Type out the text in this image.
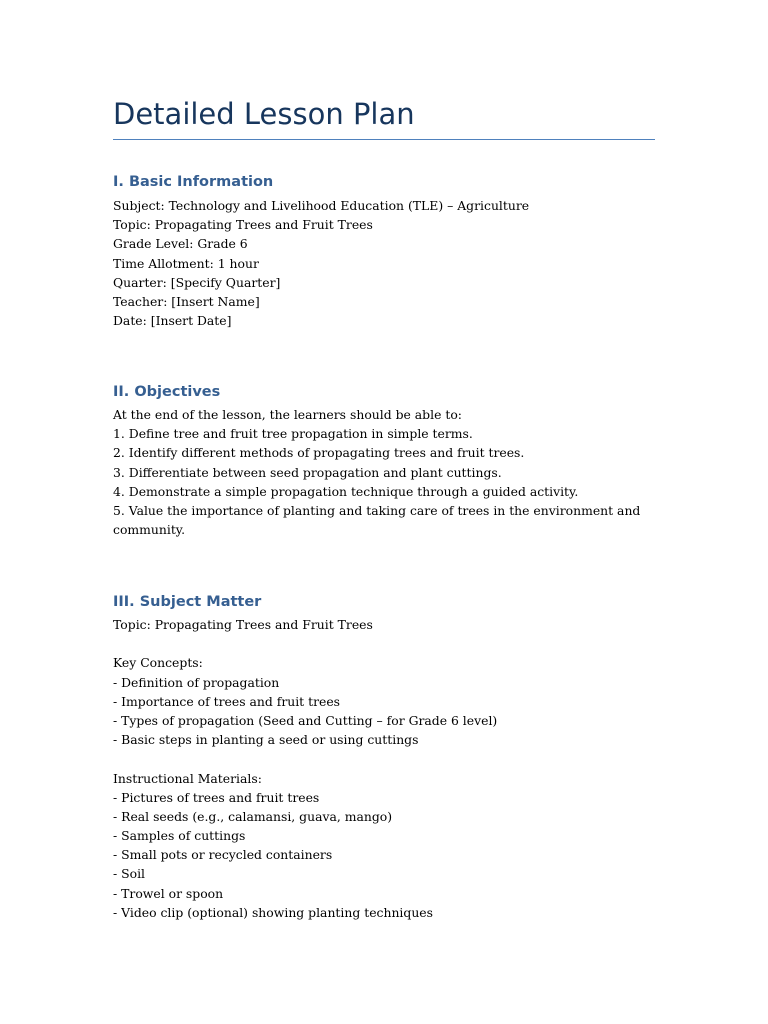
Detailed Lesson Plan
I. Basic Information
Subject: Technology and Livelihood Education (TLE) – Agriculture
Topic: Propagating Trees and Fruit Trees
Grade Level: Grade 6
Time Allotment: 1 hour
Quarter: [Specify Quarter]
Teacher: [Insert Name]
Date: [Insert Date]
II. Objectives
At the end of the lesson, the learners should be able to:
1. Define tree and fruit tree propagation in simple terms.
2. Identify different methods of propagating trees and fruit trees.
3. Differentiate between seed propagation and plant cuttings.
4. Demonstrate a simple propagation technique through a guided activity.
5. Value the importance of planting and taking care of trees in the environment and
community.
III. Subject Matter
Topic: Propagating Trees and Fruit Trees
Key Concepts:
- Definition of propagation
- Importance of trees and fruit trees
- Types of propagation (Seed and Cutting – for Grade 6 level)
- Basic steps in planting a seed or using cuttings
Instructional Materials:
- Pictures of trees and fruit trees
- Real seeds (e.g., calamansi, guava, mango)
- Samples of cuttings
- Small pots or recycled containers
- Soil
- Trowel or spoon
- Video clip (optional) showing planting techniques
